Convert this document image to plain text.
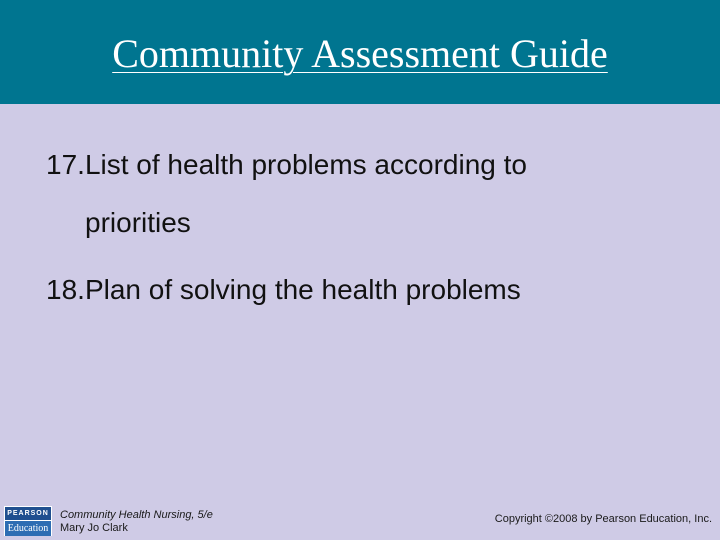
Community Assessment Guide
17.List of health problems according to
priorities
18.Plan of solving the health problems
PEARSON
Education
Community Health Nursing, 5/e
Mary Jo Clark
Copyright ©2008 by Pearson Education, Inc.
